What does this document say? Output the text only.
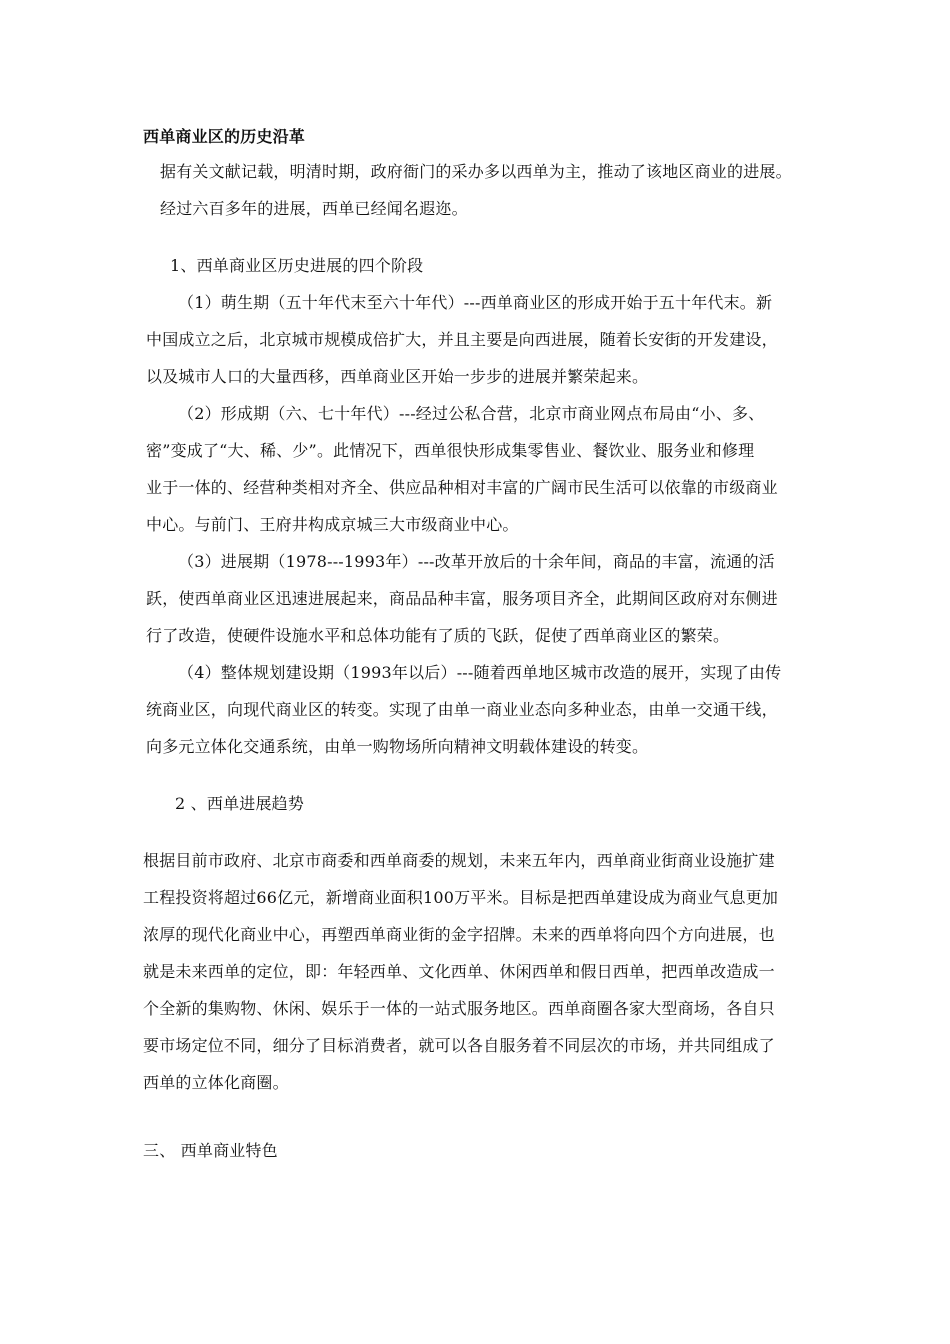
西单商业区的历史沿革
据有关文献记载，明清时期，政府衙门的采办多以西单为主，推动了该地区商业的进展。
经过六百多年的进展，西单已经闻名遐迩。
1、西单商业区历史进展的四个阶段
（1）萌生期（五十年代末至六十年代）---西单商业区的形成开始于五十年代末。新
中国成立之后，北京城市规模成倍扩大，并且主要是向西进展，随着长安街的开发建设，
以及城市人口的大量西移，西单商业区开始一步步的进展并繁荣起来。
（2）形成期（六、七十年代）---经过公私合营，北京市商业网点布局由“小、多、
密”变成了“大、稀、少”。此情况下，西单很快形成集零售业、餐饮业、服务业和修理
业于一体的、经营种类相对齐全、供应品种相对丰富的广阔市民生活可以依靠的市级商业
中心。与前门、王府井构成京城三大市级商业中心。
（3）进展期（1978---1993年）---改革开放后的十余年间，商品的丰富，流通的活
跃，使西单商业区迅速进展起来，商品品种丰富，服务项目齐全，此期间区政府对东侧进
行了改造，使硬件设施水平和总体功能有了质的飞跃，促使了西单商业区的繁荣。
（4）整体规划建设期（1993年以后）---随着西单地区城市改造的展开，实现了由传
统商业区，向现代商业区的转变。实现了由单一商业业态向多种业态，由单一交通干线，
向多元立体化交通系统，由单一购物场所向精神文明载体建设的转变。
2 、西单进展趋势
根据目前市政府、北京市商委和西单商委的规划，未来五年内，西单商业街商业设施扩建
工程投资将超过66亿元，新增商业面积100万平米。目标是把西单建设成为商业气息更加
浓厚的现代化商业中心，再塑西单商业街的金字招牌。未来的西单将向四个方向进展，也
就是未来西单的定位，即：年轻西单、文化西单、休闲西单和假日西单，把西单改造成一
个全新的集购物、休闲、娱乐于一体的一站式服务地区。西单商圈各家大型商场，各自只
要市场定位不同，细分了目标消费者，就可以各自服务着不同层次的市场，并共同组成了
西单的立体化商圈。
三、 西单商业特色
